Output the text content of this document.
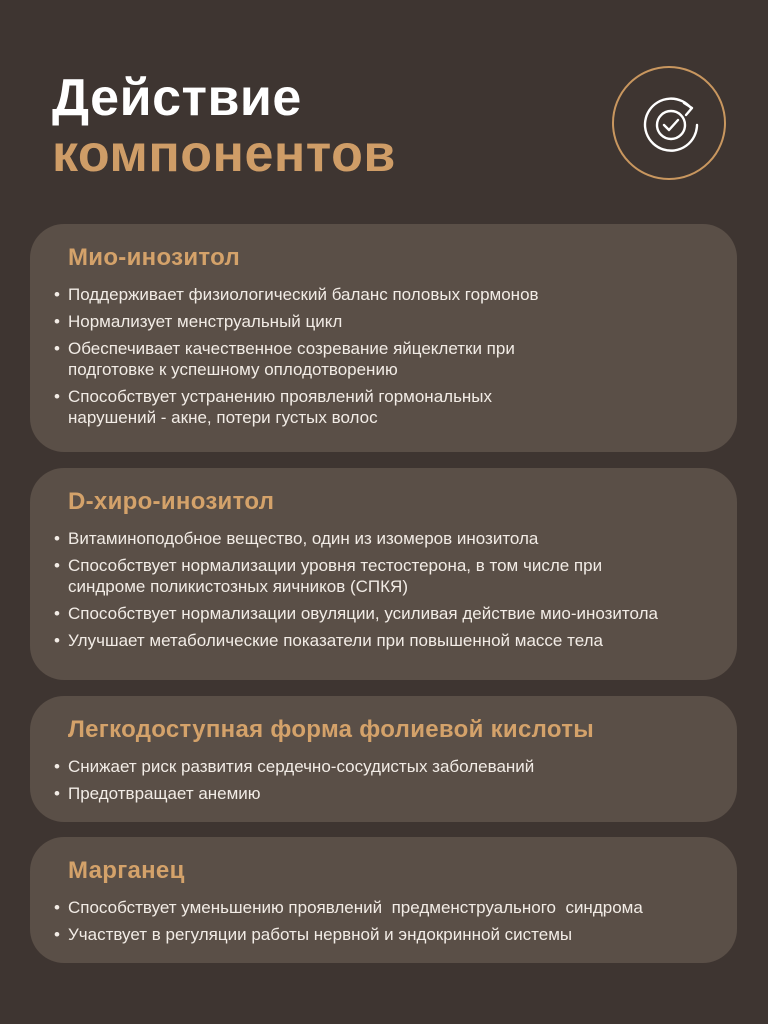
Действие
компонентов
Мио-инозитол
• Поддерживает физиологический баланс половых гормонов
• Нормализует менструальный цикл
• Обеспечивает качественное созревание яйцеклетки при подготовке к успешному оплодотворению
• Способствует устранению проявлений гормональных нарушений - акне, потери густых волос
D-хиро-инозитол
• Витаминоподобное вещество, один из изомеров инозитола
• Способствует нормализации уровня тестостерона, в том числе при синдроме поликистозных яичников (СПКЯ)
• Способствует нормализации овуляции, усиливая действие мио-инозитола
• Улучшает метаболические показатели при повышенной массе тела
Легкодоступная форма фолиевой кислоты
• Снижает риск развития сердечно-сосудистых заболеваний
• Предотвращает анемию
Марганец
• Способствует уменьшению проявлений  предменструального  синдрома
• Участвует в регуляции работы нервной и эндокринной системы
